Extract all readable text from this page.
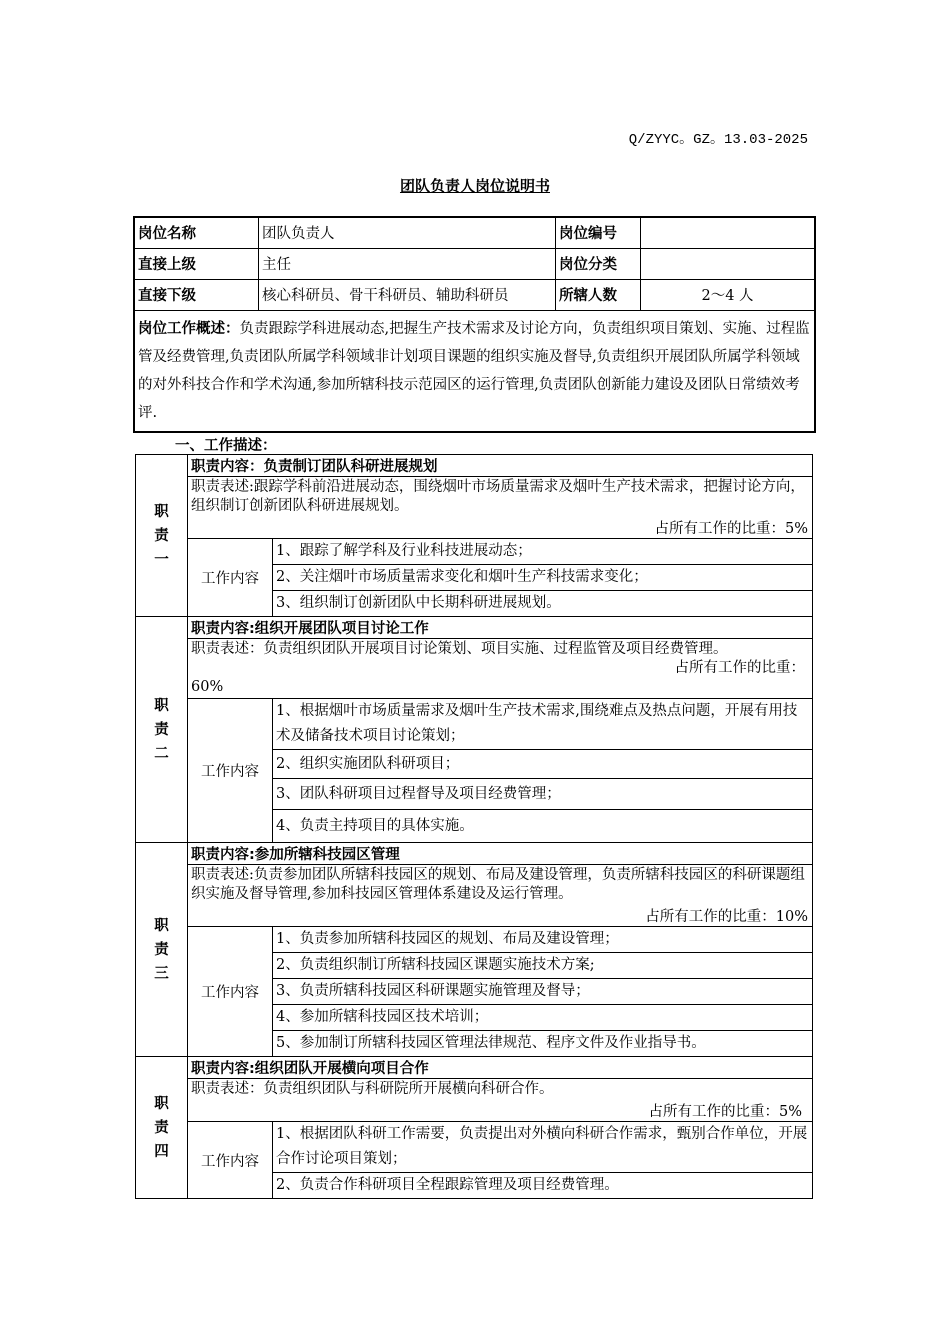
Q/ZYYC。GZ。13.03-2025
团队负责人岗位说明书
岗位名称	团队负责人	岗位编号	
直接上级	主任	岗位分类	
直接下级	核心科研员、骨干科研员、辅助科研员	所辖人数	2～4 人
岗位工作概述：负责跟踪学科进展动态,把握生产技术需求及讨论方向，负责组织项目策划、实施、过程监管及经费管理,负责团队所属学科领域非计划项目课题的组织实施及督导,负责组织开展团队所属学科领域的对外科技合作和学术沟通,参加所辖科技示范园区的运行管理,负责团队创新能力建设及团队日常绩效考评.			
一、工作描述：
职
责
一	职责内容：负责制订团队科研进展规划	
	职责表述:跟踪学科前沿进展动态，围绕烟叶市场质量需求及烟叶生产技术需求，把握讨论方向，组织制订创新团队科研进展规划。	
	占所有工作的比重：5%	
	工作内容	1、跟踪了解学科及行业科技进展动态；
		2、关注烟叶市场质量需求变化和烟叶生产科技需求变化；
		3、组织制订创新团队中长期科研进展规划。
职
责
二	职责内容:组织开展团队项目讨论工作	

	职责表述：负责组织团队开展项目讨论策划、项目实施、过程监管及项目经费管理。
占所有工作的比重：
60%	

	工作内容	1、根据烟叶市场质量需求及烟叶生产技术需求,围绕难点及热点问题，开展有用技术及储备技术项目讨论策划；
		2、组织实施团队科研项目；
		3、团队科研项目过程督导及项目经费管理；
		4、负责主持项目的具体实施。
职
责
三	职责内容:参加所辖科技园区管理	
	职责表述:负责参加团队所辖科技园区的规划、布局及建设管理，负责所辖科技园区的科研课题组织实施及督导管理,参加科技园区管理体系建设及运行管理。	
	占所有工作的比重：10%	
	工作内容	1、负责参加所辖科技园区的规划、布局及建设管理；
		2、负责组织制订所辖科技园区课题实施技术方案;
		3、负责所辖科技园区科研课题实施管理及督导；
		4、参加所辖科技园区技术培训；
		5、参加制订所辖科技园区管理法律规范、程序文件及作业指导书。
职
责
四	职责内容:组织团队开展横向项目合作	
	职责表述：负责组织团队与科研院所开展横向科研合作。	
	占所有工作的比重：5%	
	工作内容	1、根据团队科研工作需要，负责提出对外横向科研合作需求，甄别合作单位，开展合作讨论项目策划；
		2、负责合作科研项目全程跟踪管理及项目经费管理。
